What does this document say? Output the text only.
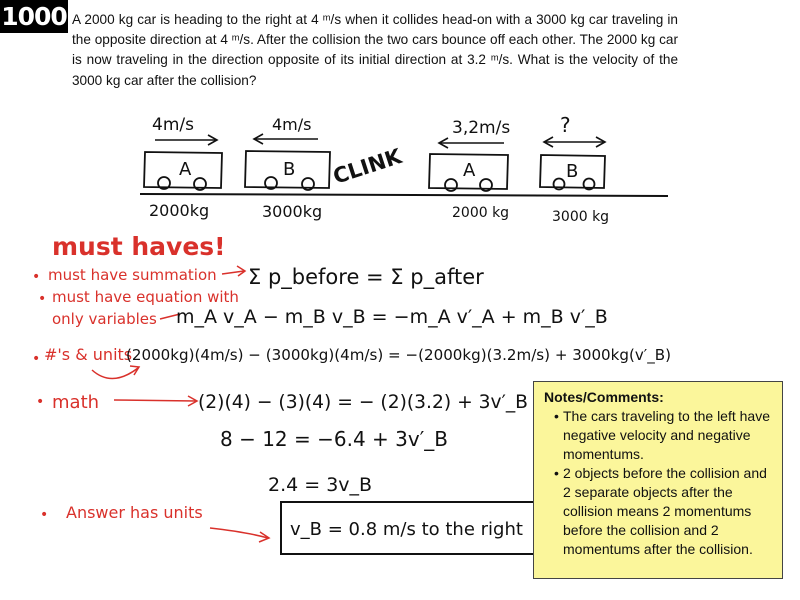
1000 A 2000 kg car is heading to the right at 4 ᵐ/s when it collides head-on with a 3000 kg car traveling in the opposite direction at 4 ᵐ/s. After the collision the two cars bounce off each other. The 2000 kg car is now traveling in the direction opposite of its initial direction at 3.2 ᵐ/s. What is the velocity of the 3000 kg car after the collision?
A
4m/s
2000kg
B
4m/s
3000kg
CLINK	A
3,2m/s
2000 kg
B
?
3000 kg
must haves!
• must have summation
• must have equation with
only variables
• #'s & units
• math
• Answer has units
Σ p_before = Σ p_after
m_A v_A − m_B v_B = −m_A v′_A + m_B v′_B
(2000kg)(4m/s) − (3000kg)(4m/s) = −(2000kg)(3.2m/s) + 3000kg(v′_B)
(2)(4) − (3)(4) = − (2)(3.2) + 3v′_B
8 − 12 = −6.4 + 3v′_B
2.4 = 3v_B
v_B = 0.8 m/s to the right
Notes/Comments:
• The cars traveling to the left have negative velocity and negative momentums.
• 2 objects before the collision and 2 separate objects after the collision means 2 momentums before the collision and 2 momentums after the collision.
